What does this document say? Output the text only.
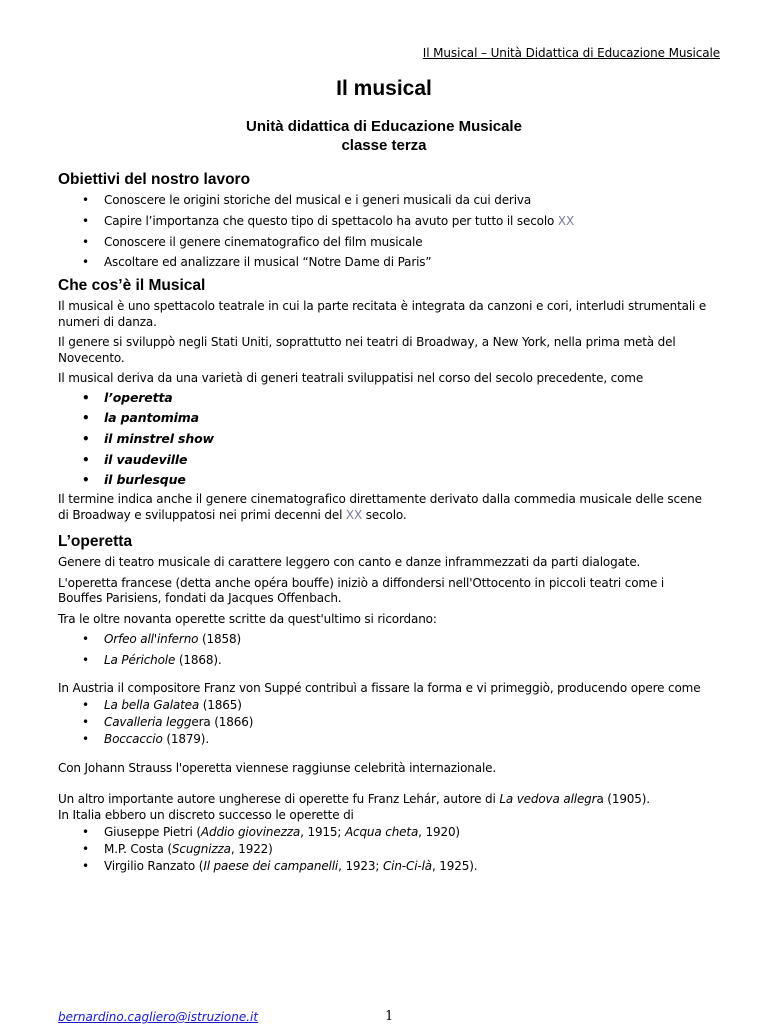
Il Musical – Unità Didattica di Educazione Musicale
Il musical
Unità didattica di Educazione Musicale
classe terza
Obiettivi del nostro lavoro
• Conoscere le origini storiche del musical e i generi musicali da cui deriva
• Capire l’importanza che questo tipo di spettacolo ha avuto per tutto il secolo XX
• Conoscere il genere cinematografico del film musicale
• Ascoltare ed analizzare il musical “Notre Dame di Paris”
Che cos’è il Musical

Il musical è uno spettacolo teatrale in cui la parte recitata è integrata da canzoni e cori, interludi strumentali e numeri di danza.

Il genere si sviluppò negli Stati Uniti, soprattutto nei teatri di Broadway, a New York, nella prima metà del Novecento.

Il musical deriva da una varietà di generi teatrali sviluppatisi nel corso del secolo precedente, come

• l’operetta
• la pantomima
• il minstrel show
• il vaudeville
• il burlesque

Il termine indica anche il genere cinematografico direttamente derivato dalla commedia musicale delle scene di Broadway e sviluppatosi nei primi decenni del XX secolo.

L’operetta

Genere di teatro musicale di carattere leggero con canto e danze inframmezzati da parti dialogate.

L'operetta francese (detta anche opéra bouffe) iniziò a diffondersi nell'Ottocento in piccoli teatri come i Bouffes Parisiens, fondati da Jacques Offenbach.

Tra le oltre novanta operette scritte da quest'ultimo si ricordano:

• Orfeo all'inferno (1858)
• La Périchole (1868).

In Austria il compositore Franz von Suppé contribuì a fissare la forma e vi primeggiò, producendo opere come

• La bella Galatea (1865)
• Cavalleria leggera (1866)
• Boccaccio (1879).

Con Johann Strauss l'operetta viennese raggiunse celebrità internazionale.

Un altro importante autore ungherese di operette fu Franz Lehár, autore di La vedova allegra (1905).

In Italia ebbero un discreto successo le operette di

• Giuseppe Pietri (Addio giovinezza, 1915; Acqua cheta, 1920)
• M.P. Costa (Scugnizza, 1922)
• Virgilio Ranzato (Il paese dei campanelli, 1923; Cin-Ci-là, 1925).
bernardino.cagliero@istruzione.it	1
